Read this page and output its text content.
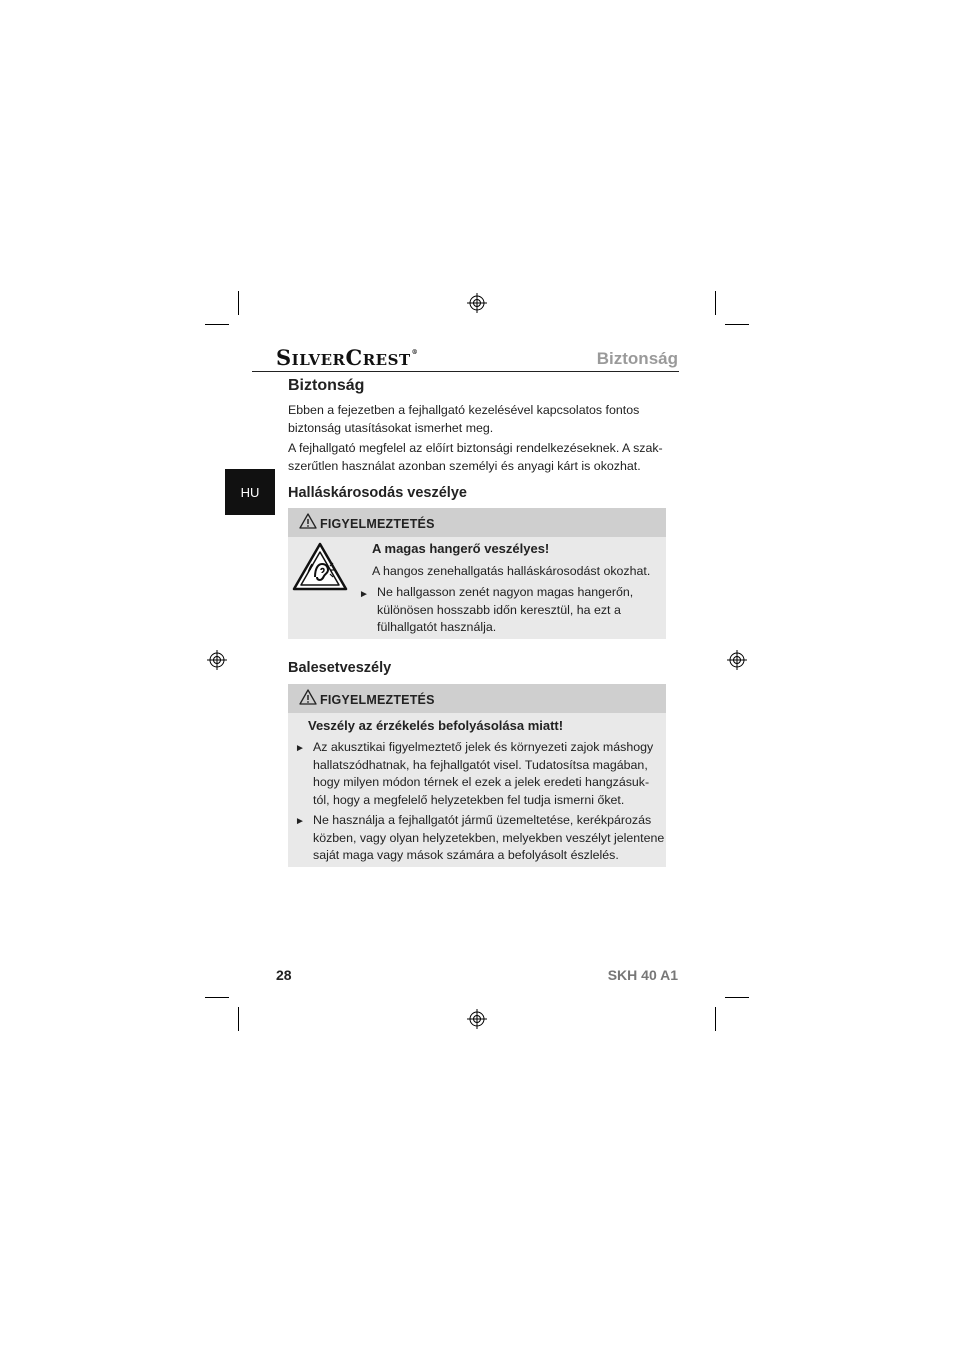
SILVERCREST®	Biztonság
HU
Biztonság
Ebben a fejezetben a fejhallgató kezelésével kapcsolatos fontos
biztonság utasításokat ismerhet meg.
A fejhallgató megfelel az előírt biztonsági rendelkezéseknek. A szak-
szerűtlen használat azonban személyi és anyagi kárt is okozhat.
Halláskárosodás veszélye
FIGYELMEZTETÉS
A magas hangerő veszélyes!
A hangos zenehallgatás halláskárosodást okozhat.
► Ne hallgasson zenét nagyon magas hangerőn,
különösen hosszabb időn keresztül, ha ezt a
fülhallgatót használja.
Balesetveszély
FIGYELMEZTETÉS
Veszély az érzékelés befolyásolása miatt!
► Az akusztikai figyelmeztető jelek és környezeti zajok máshogy
hallatszódhatnak, ha fejhallgatót visel. Tudatosítsa magában,
hogy milyen módon térnek el ezek a jelek eredeti hangzásuk-
tól, hogy a megfelelő helyzetekben fel tudja ismerni őket.
► Ne használja a fejhallgatót jármű üzemeltetése, kerékpározás
közben, vagy olyan helyzetekben, melyekben veszélyt jelentene
saját maga vagy mások számára a befolyásolt észlelés.
28	SKH 40 A1
